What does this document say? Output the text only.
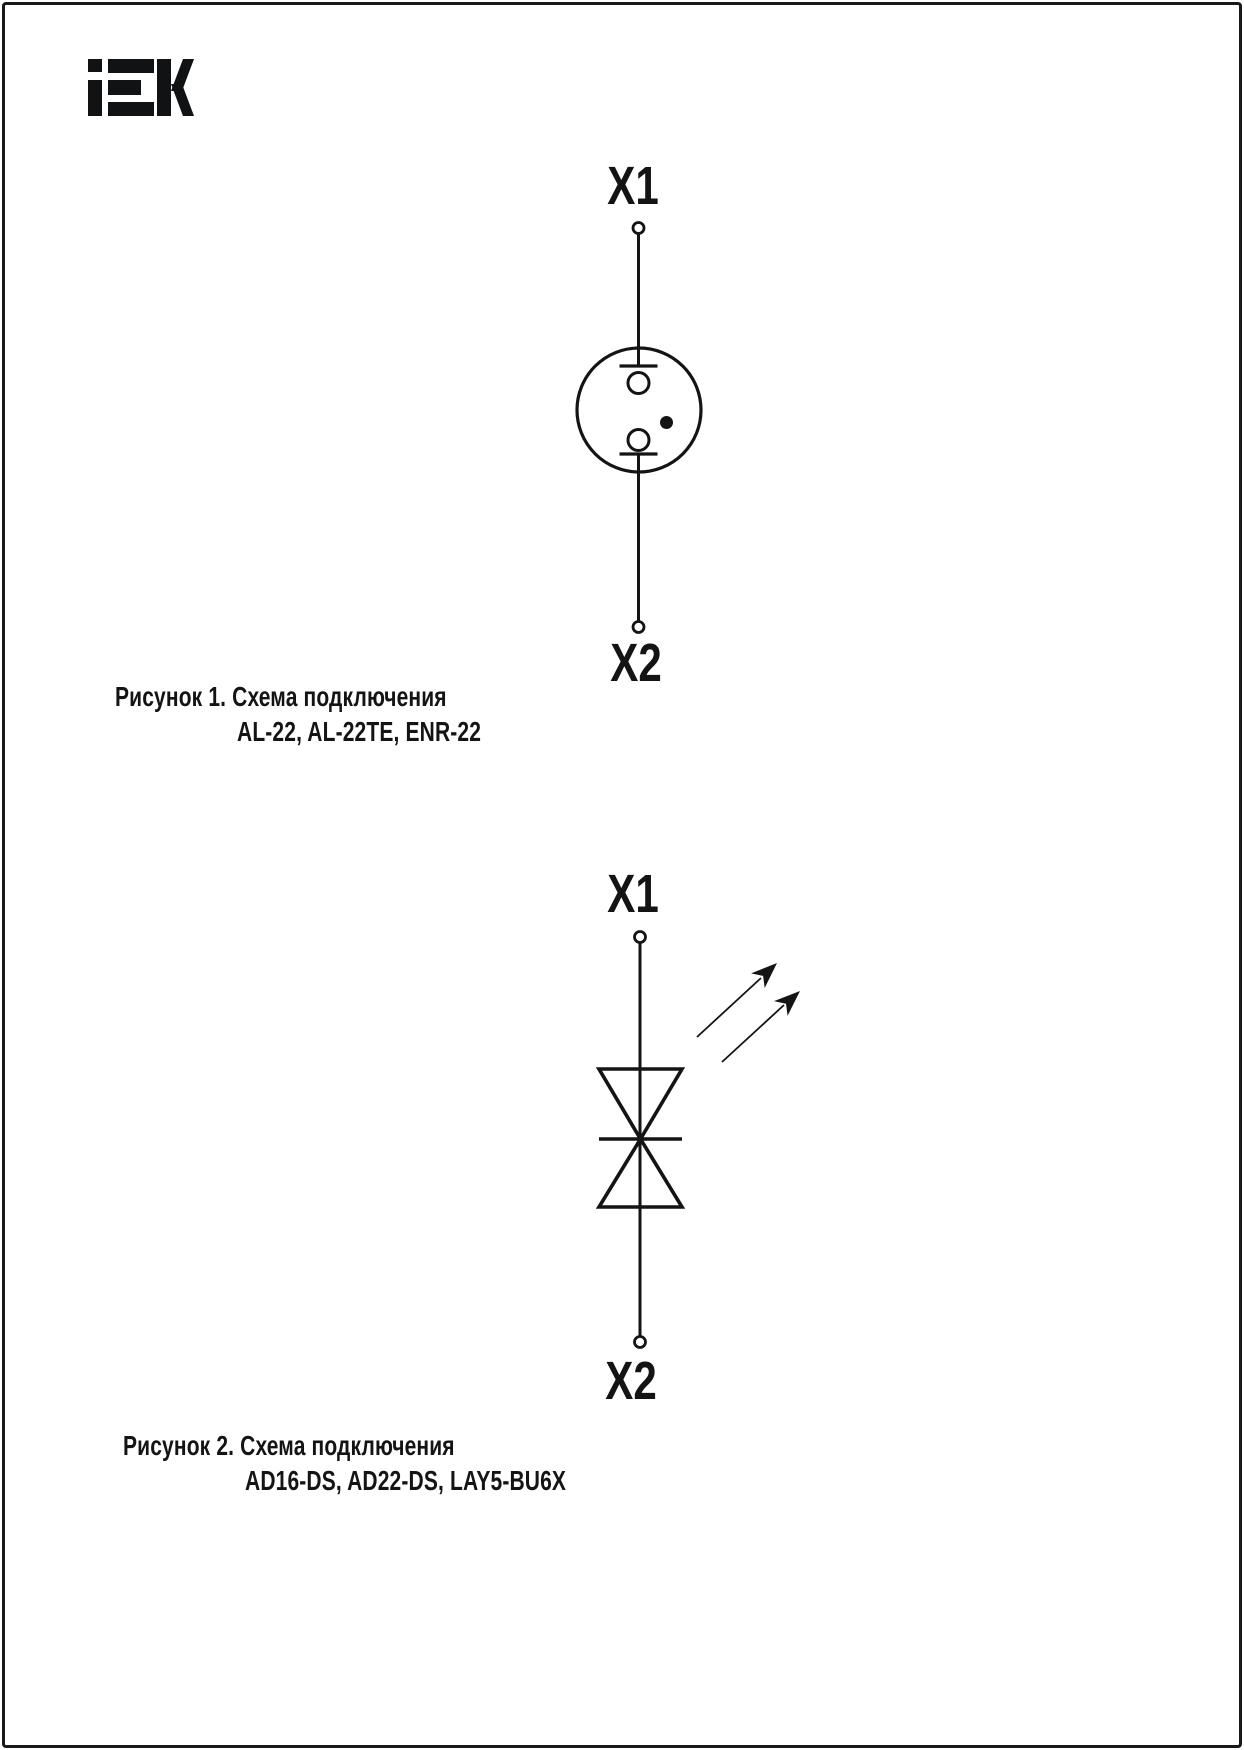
X1
X2
Рисунок 1. Схема подключения
AL-22, AL-22TE, ENR-22
X1
X2
Рисунок 2. Схема подключения
AD16-DS, AD22-DS, LAY5-BU6X
